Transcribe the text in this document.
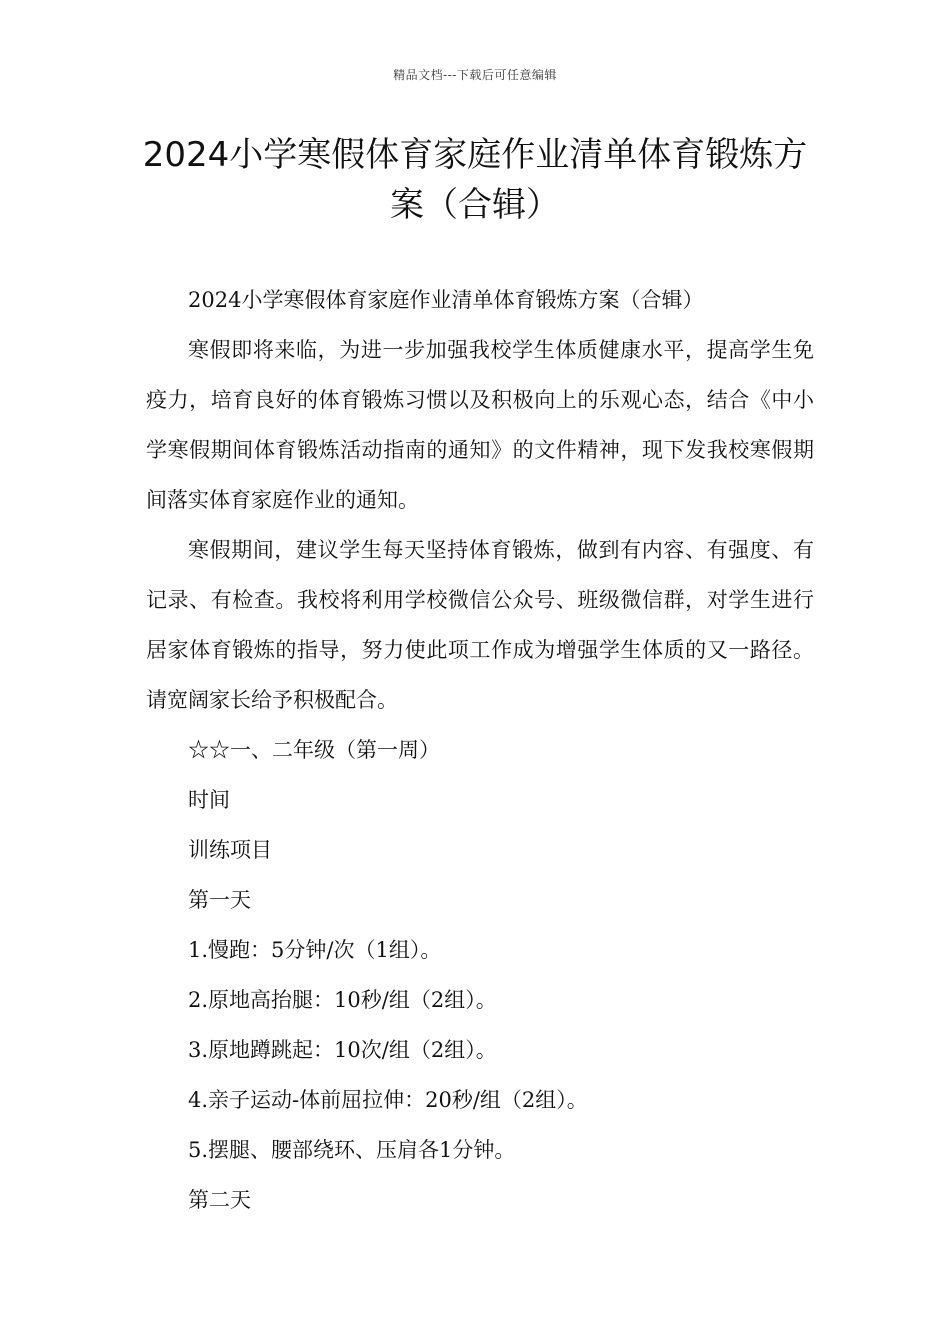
精品文档---下载后可任意编辑
2024小学寒假体育家庭作业清单体育锻炼方案（合辑）

2024小学寒假体育家庭作业清单体育锻炼方案（合辑）

寒假即将来临，为进一步加强我校学生体质健康水平，提高学生免疫力，培育良好的体育锻炼习惯以及积极向上的乐观心态，结合《中小学寒假期间体育锻炼活动指南的通知》的文件精神，现下发我校寒假期间落实体育家庭作业的通知。

寒假期间，建议学生每天坚持体育锻炼，做到有内容、有强度、有记录、有检查。我校将利用学校微信公众号、班级微信群，对学生进行居家体育锻炼的指导，努力使此项工作成为增强学生体质的又一路径。请宽阔家长给予积极配合。

☆☆一、二年级（第一周）

时间

训练项目

第一天

1.慢跑：5分钟/次（1组）。

2.原地高抬腿：10秒/组（2组）。

3.原地蹲跳起：10次/组（2组）。

4.亲子运动-体前屈拉伸：20秒/组（2组）。

5.摆腿、腰部绕环、压肩各1分钟。

第二天
